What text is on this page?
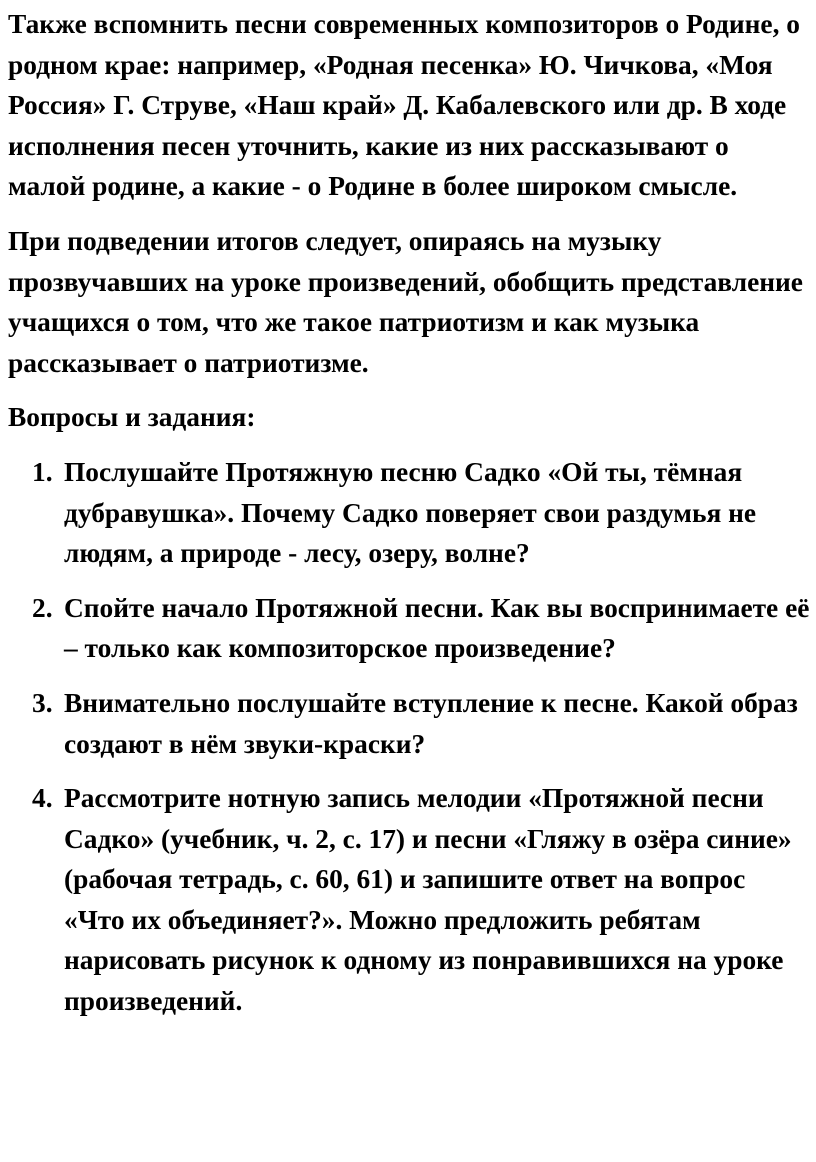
Также вспомнить песни современных композиторов о Родине, о родном крае: например, «Родная песенка» Ю. Чичкова, «Моя Россия» Г. Струве, «Наш край» Д. Кабалевского или др. В ходе исполнения песен уточнить, какие из них рассказывают о малой родине, а какие - о Родине в более широком смысле.

При подведении итогов следует, опираясь на музыку прозвучавших на уроке произведений, обобщить представление учащихся о том, что же такое патриотизм и как музыка рассказывает о патриотизме.

Вопросы и задания:

1. Послушайте Протяжную песню Садко «Ой ты, тёмная дубравушка». Почему Садко поверяет свои раздумья не людям, а природе - лесу, озеру, волне?
2. Спойте начало Протяжной песни. Как вы воспринимаете её – только как композиторское произведение?
3. Внимательно послушайте вступление к песне. Какой образ создают в нём звуки-краски?
4. Рассмотрите нотную запись мелодии «Протяжной песни Садко» (учебник, ч. 2, с. 17) и песни «Гляжу в озёра синие» (рабочая тетрадь, с. 60, 61) и запишите ответ на вопрос «Что их объединяет?». Можно предложить ребятам нарисовать рисунок к одному из понравившихся на уроке произведений.
